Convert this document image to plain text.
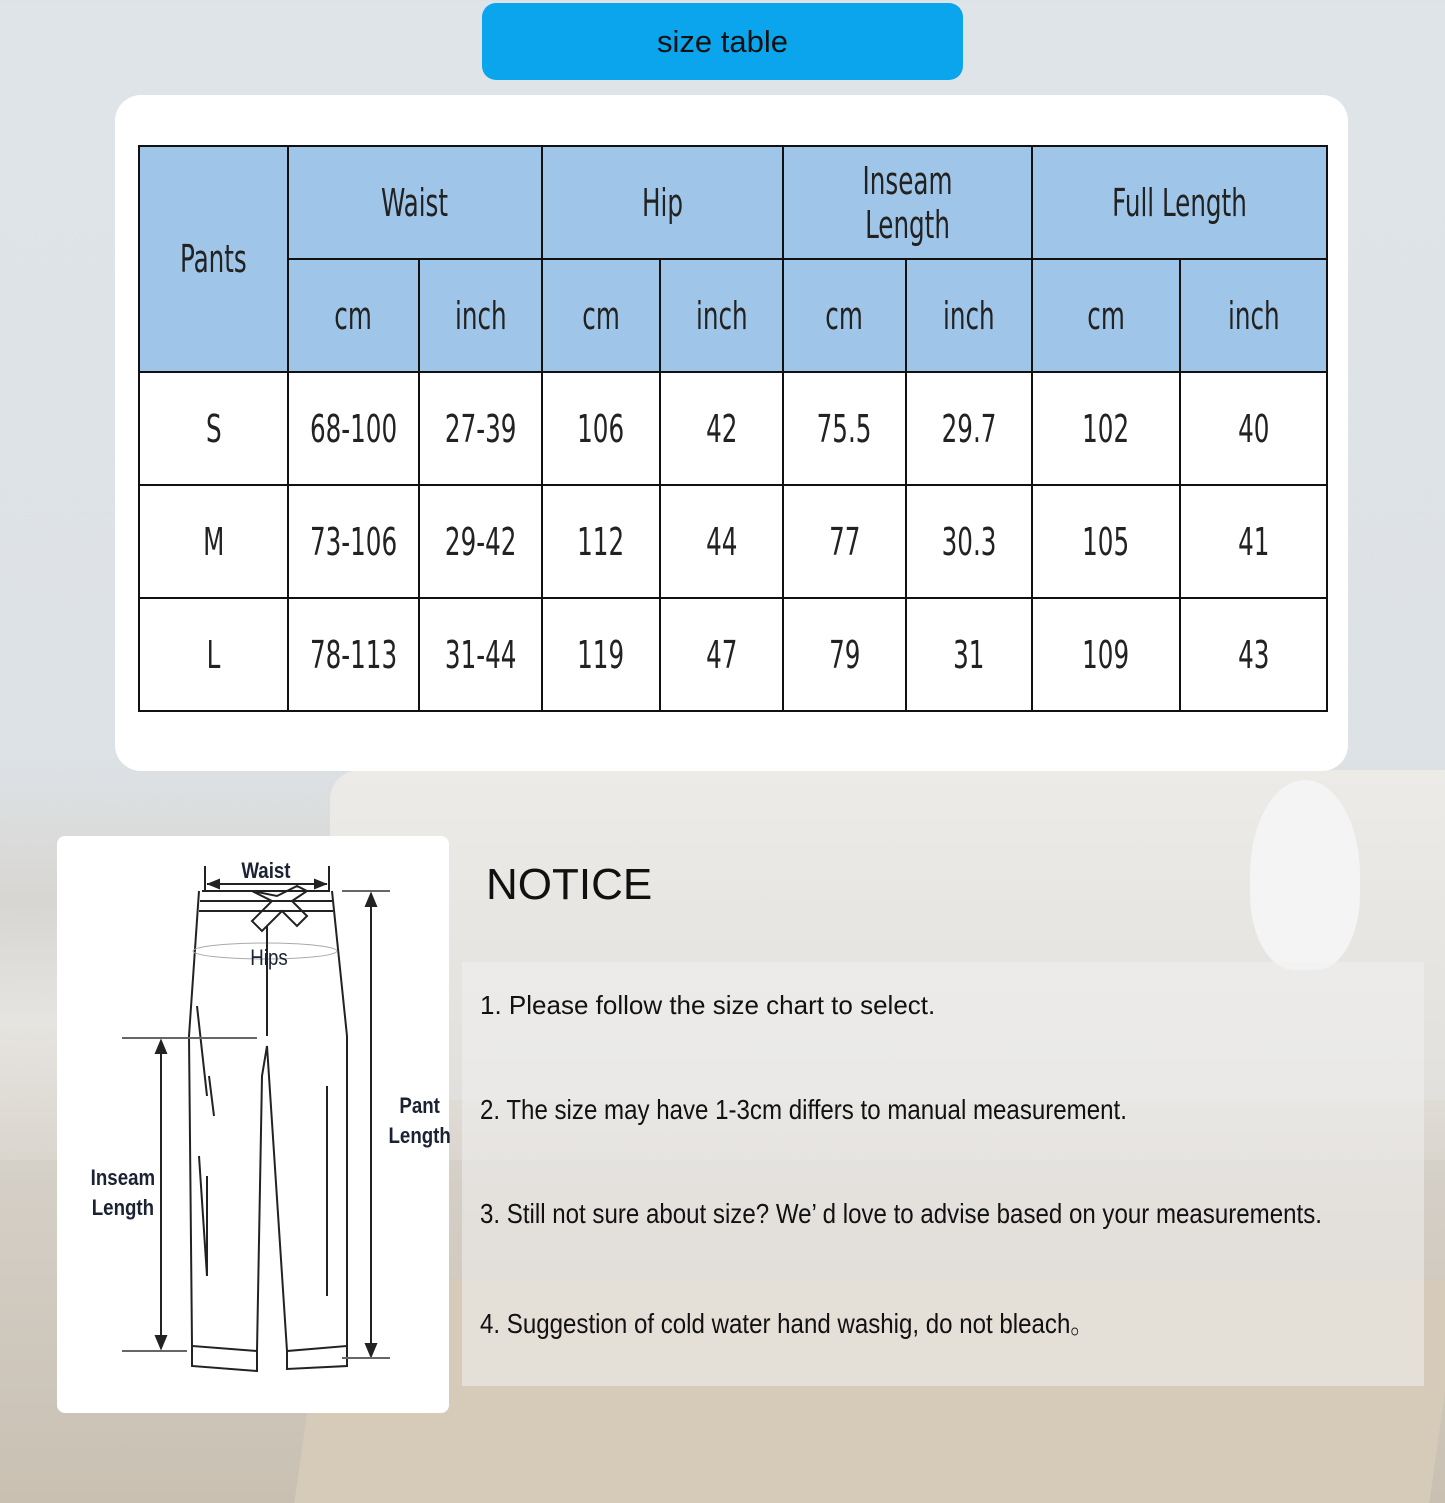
size table
Pants	Waist		Hip		Inseam Length		Full Length	
	cm	inch	cm	inch	cm	inch	cm	inch
S	68-100	27-39	106	42	75.5	29.7	102	40
M	73-106	29-42	112	44	77	30.3	105	41
L	78-113	31-44	119	47	79	31	109	43
Waist
Hips
Pant
Length
Inseam
Length
NOTICE
1. Please follow the size chart to select.
2. The size may have 1-3cm differs to manual measurement.
3. Still not sure about size? We’ d love to advise based on your measurements.
4. Suggestion of cold water hand washig, do not bleach。
